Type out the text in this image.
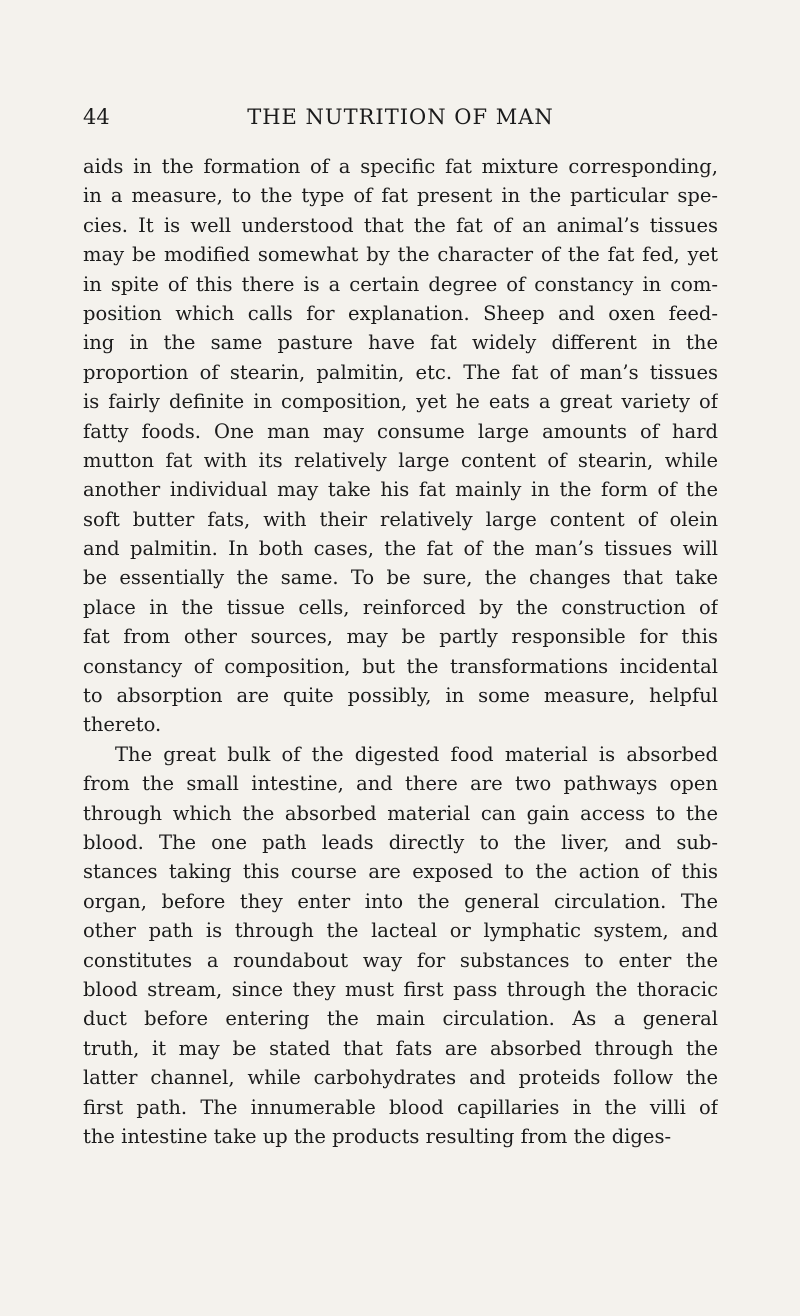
44	THE NUTRITION OF MAN
aids in the formation of a specific fat mixture corresponding,
in a measure, to the type of fat present in the particular spe-
cies. It is well understood that the fat of an animal’s tissues
may be modified somewhat by the character of the fat fed, yet
in spite of this there is a certain degree of constancy in com-
position which calls for explanation. Sheep and oxen feed-
ing in the same pasture have fat widely different in the
proportion of stearin, palmitin, etc. The fat of man’s tissues
is fairly definite in composition, yet he eats a great variety of
fatty foods. One man may consume large amounts of hard
mutton fat with its relatively large content of stearin, while
another individual may take his fat mainly in the form of the
soft butter fats, with their relatively large content of olein
and palmitin. In both cases, the fat of the man’s tissues will
be essentially the same. To be sure, the changes that take
place in the tissue cells, reinforced by the construction of
fat from other sources, may be partly responsible for this
constancy of composition, but the transformations incidental
to absorption are quite possibly, in some measure, helpful
thereto.
The great bulk of the digested food material is absorbed
from the small intestine, and there are two pathways open
through which the absorbed material can gain access to the
blood. The one path leads directly to the liver, and sub-
stances taking this course are exposed to the action of this
organ, before they enter into the general circulation. The
other path is through the lacteal or lymphatic system, and
constitutes a roundabout way for substances to enter the
blood stream, since they must first pass through the thoracic
duct before entering the main circulation. As a general
truth, it may be stated that fats are absorbed through the
latter channel, while carbohydrates and proteids follow the
first path. The innumerable blood capillaries in the villi of
the intestine take up the products resulting from the diges-
